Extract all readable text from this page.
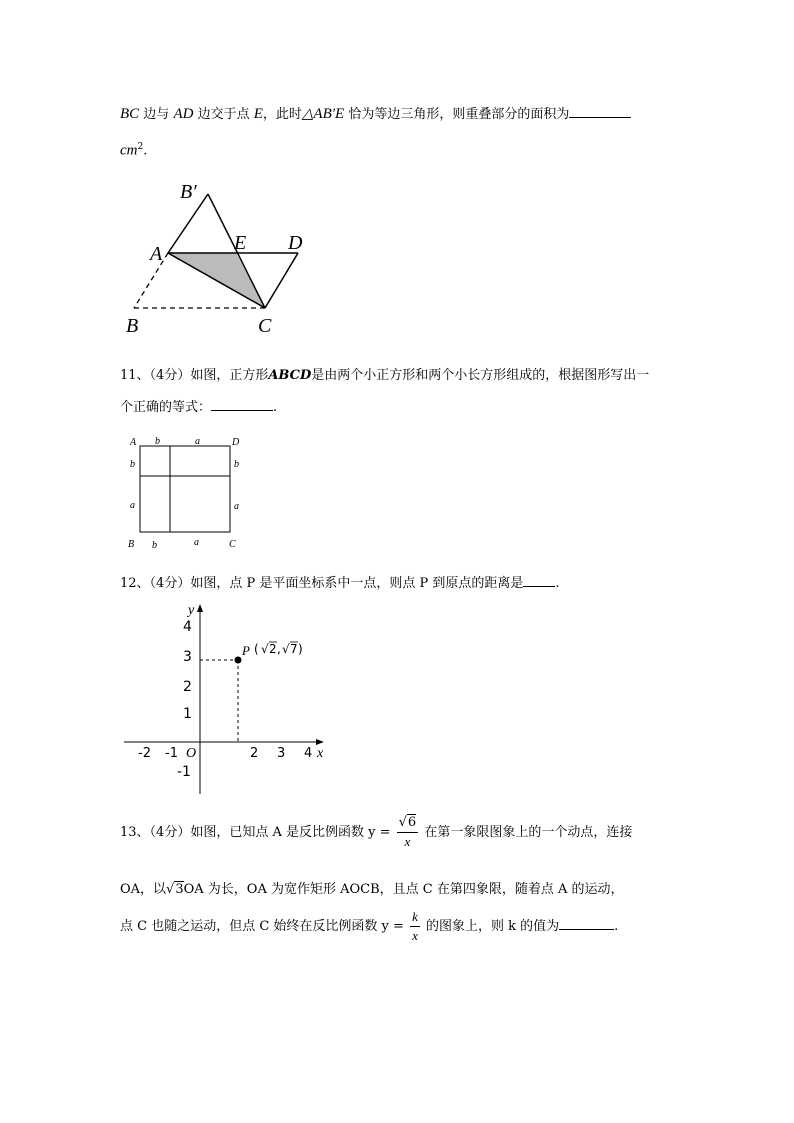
BC 边与 AD 边交于点 E，此时△AB′E 恰为等边三角形，则重叠部分的面积为
$cm^2$.
B′
A	E D
B	C
11、（4分）如图，正方形ABCD是由两个小正方形和两个小长方形组成的，根据图形写出一
个正确的等式：	.
A	D
B	C
b	a
b
a
b
a
b	a
12、（4分）如图，点 P 是平面坐标系中一点，则点 P 到原点的距离是 .
x
y
O
-2 -1	2 3 4
4
3
2
1
-1
P ( √ 2 , √ 7 )
13、（4分）如图，已知点 A 是反比例函数 $y = \frac{√6}{x}$ 在第一象限图象上的一个动点，连接
OA，以√3OA 为长，OA 为宽作矩形 AOCB，且点 C 在第四象限，随着点 A 的运动，
点 C 也随之运动，但点 C 始终在反比例函数 $y = \frac{k}{x}$ 的图象上，则 k 的值为	.
